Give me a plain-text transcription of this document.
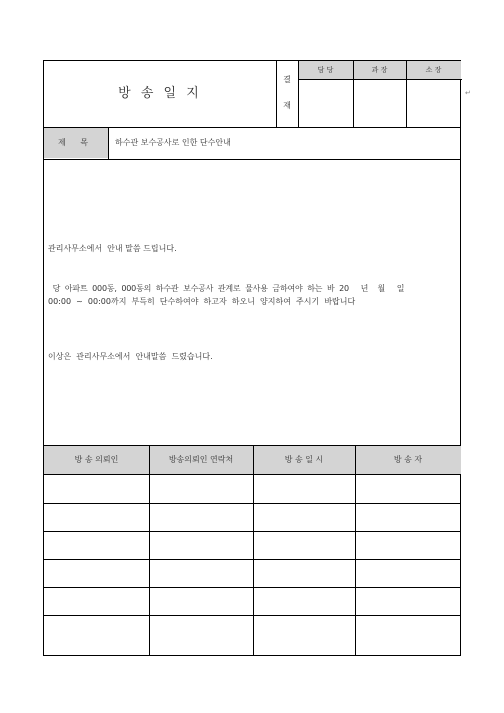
방 송 일 지
결
재
담 당	과 장	소 장
제 목	하수관 보수공사로 인한 단수안내
관리사무소에서  안내 말씀 드립니다.
당  아파트  000동,  000동의  하수관  보수공사  관계로  물사용  금하여야  하는  바  20     년    월     일
00:00  ~  00:00까지  부득히  단수하여야  하고자  하오니  양지하여  주시기  바랍니다
이상은  관리사무소에서  안내말씀  드렸습니다.
방 송 의뢰인	방송의뢰인 연락처	방 송 일 시	방 송 자
↵
